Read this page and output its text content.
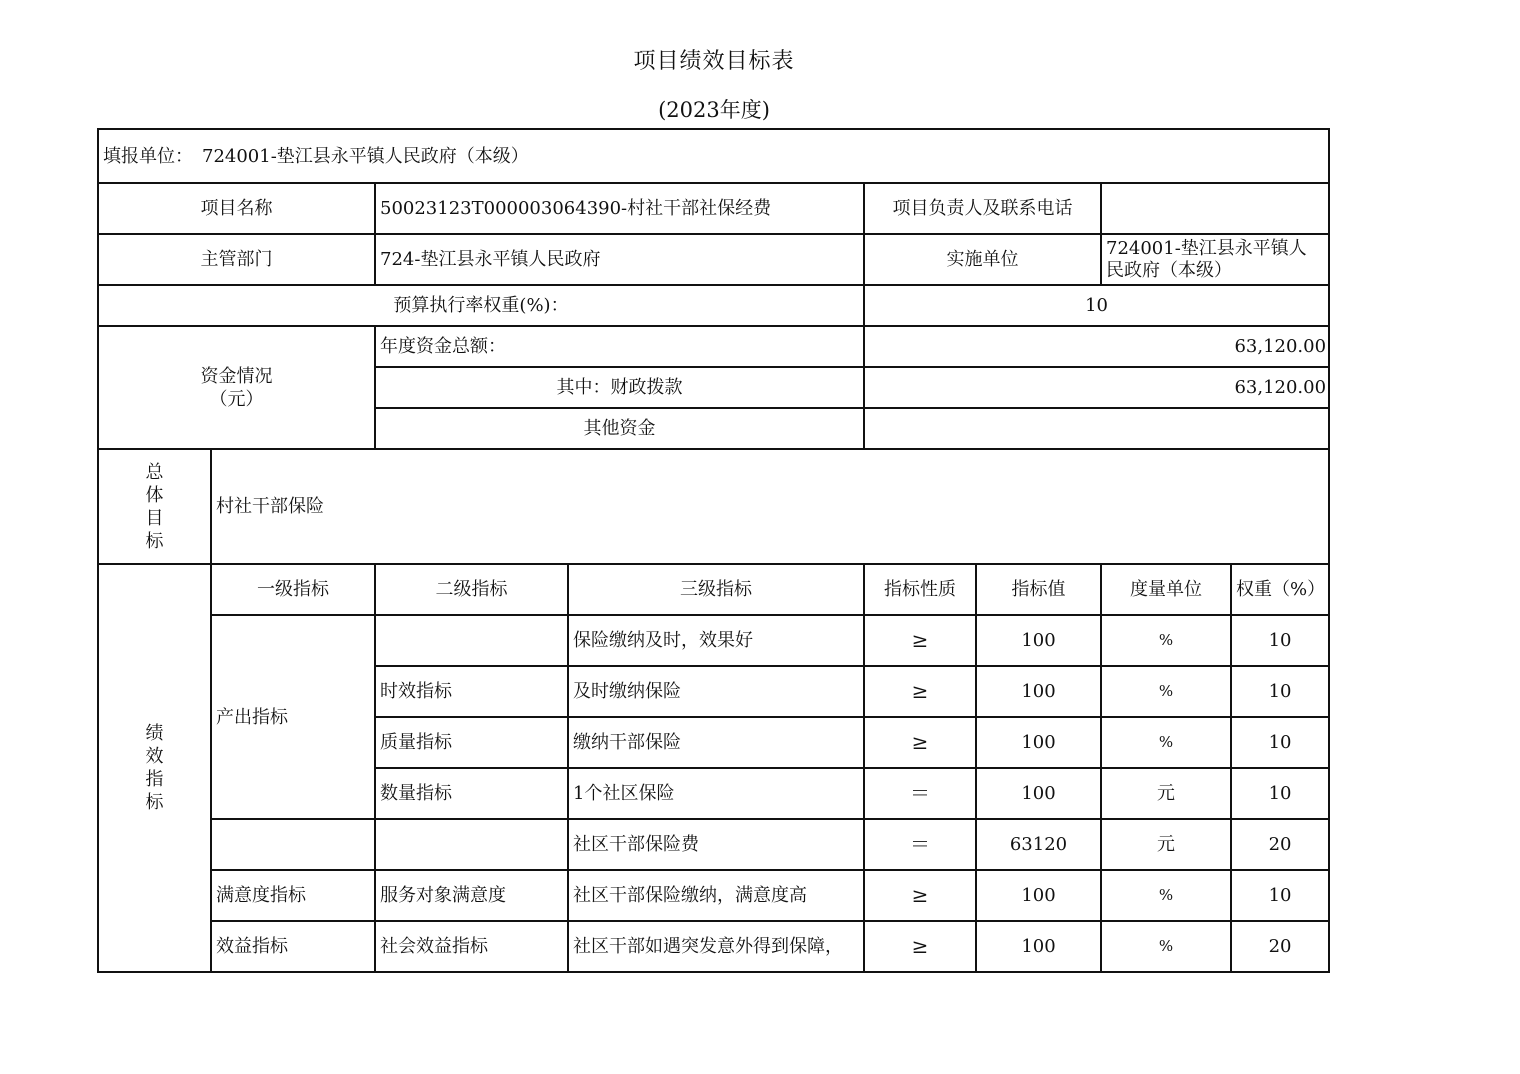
项目绩效目标表
(2023年度)
填报单位：　724001-垫江县永平镇人民政府（本级）							
项目名称		50023123T000003064390-村社干部社保经费		项目负责人及联系电话			
主管部门		724-垫江县永平镇人民政府		实施单位		724001-垫江县永平镇人民政府（本级）	
预算执行率权重(%)：				10			

资金情况
（元）		年度资金总额：		63,120.00			
		其中：财政拨款		63,120.00			
		其他资金					

总
体
目
标	村社干部保险						

绩
效
指
标	一级指标	二级指标	三级指标	指标性质	指标值	度量单位	权重（%）
	产出指标		保险缴纳及时，效果好	≥	100	%	10
		时效指标	及时缴纳保险	≥	100	%	10
		质量指标	缴纳干部保险	≥	100	%	10
		数量指标	1个社区保险	＝	100	元	10
			社区干部保险费	＝	63120	元	20
	满意度指标	服务对象满意度	社区干部保险缴纳，满意度高	≥	100	%	10
	效益指标	社会效益指标	社区干部如遇突发意外得到保障，	≥	100	%	20
